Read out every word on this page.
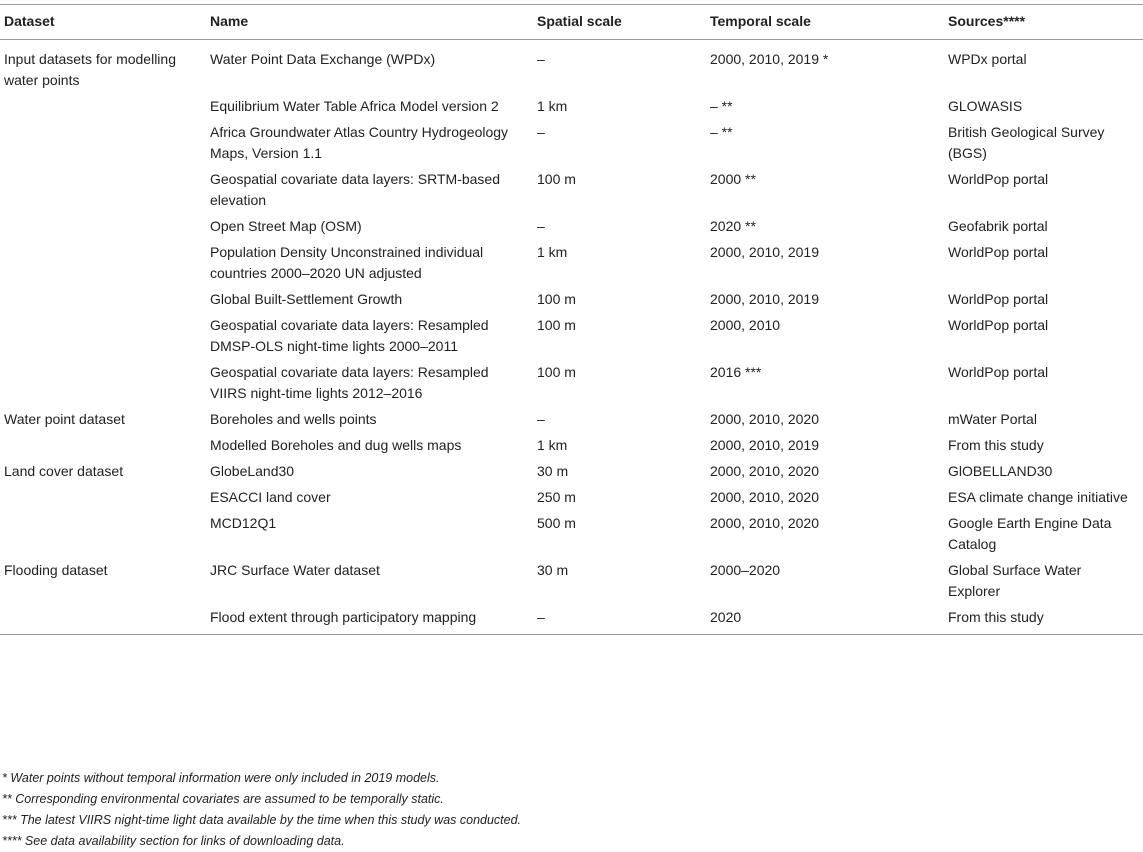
Dataset	Name	Spatial scale	Temporal scale	Sources****
Input datasets for modelling water points	Water Point Data Exchange (WPDx)	–	2000, 2010, 2019 *	WPDx portal
	Equilibrium Water Table Africa Model version 2	1 km	– **	GLOWASIS
	Africa Groundwater Atlas Country Hydrogeology Maps, Version 1.1	–	– **	British Geological Survey (BGS)
	Geospatial covariate data layers: SRTM-based elevation	100 m	2000 **	WorldPop portal
	Open Street Map (OSM)	–	2020 **	Geofabrik portal
	Population Density Unconstrained individual countries 2000–2020 UN adjusted	1 km	2000, 2010, 2019	WorldPop portal
	Global Built-Settlement Growth	100 m	2000, 2010, 2019	WorldPop portal
	Geospatial covariate data layers: Resampled DMSP-OLS night-time lights 2000–2011	100 m	2000, 2010	WorldPop portal
	Geospatial covariate data layers: Resampled VIIRS night-time lights 2012–2016	100 m	2016 ***	WorldPop portal
Water point dataset	Boreholes and wells points	–	2000, 2010, 2020	mWater Portal
	Modelled Boreholes and dug wells maps	1 km	2000, 2010, 2019	From this study
Land cover dataset	GlobeLand30	30 m	2000, 2010, 2020	GlOBELLAND30
	ESACCI land cover	250 m	2000, 2010, 2020	ESA climate change initiative
	MCD12Q1	500 m	2000, 2010, 2020	Google Earth Engine Data Catalog
Flooding dataset	JRC Surface Water dataset	30 m	2000–2020	Global Surface Water Explorer
	Flood extent through participatory mapping	–	2020	From this study
* Water points without temporal information were only included in 2019 models.
** Corresponding environmental covariates are assumed to be temporally static.
*** The latest VIIRS night-time light data available by the time when this study was conducted.
**** See data availability section for links of downloading data.
